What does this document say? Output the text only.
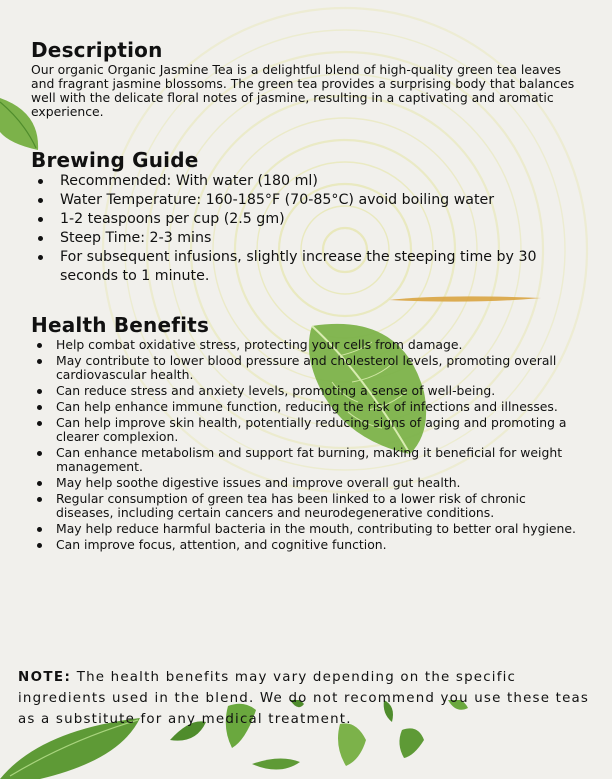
Description

Our organic Organic Jasmine Tea is a delightful blend of high-quality green tea leaves and fragrant jasmine blossoms. The green tea provides a surprising body that balances well with the delicate floral notes of jasmine, resulting in a captivating and aromatic experience.

Brewing Guide
Recommended: With water (180 ml)
Water Temperature: 160-185°F (70-85°C) avoid boiling water
1-2 teaspoons per cup (2.5 gm)
Steep Time: 2-3 mins
For subsequent infusions, slightly increase the steeping time by 30 seconds to 1 minute.
Health Benefits
Help combat oxidative stress, protecting your cells from damage.
May contribute to lower blood pressure and cholesterol levels, promoting overall cardiovascular health.
Can reduce stress and anxiety levels, promoting a sense of well-being.
Can help enhance immune function, reducing the risk of infections and illnesses.
Can help improve skin health, potentially reducing signs of aging and promoting a clearer complexion.
Can enhance metabolism and support fat burning, making it beneficial for weight management.
May help soothe digestive issues and improve overall gut health.
Regular consumption of green tea has been linked to a lower risk of chronic diseases, including certain cancers and neurodegenerative conditions.
May help reduce harmful bacteria in the mouth, contributing to better oral hygiene.
Can improve focus, attention, and cognitive function.

NOTE: The health benefits may vary depending on the specific ingredients used in the blend. We do not recommend you use these teas as a substitute for any medical treatment.
